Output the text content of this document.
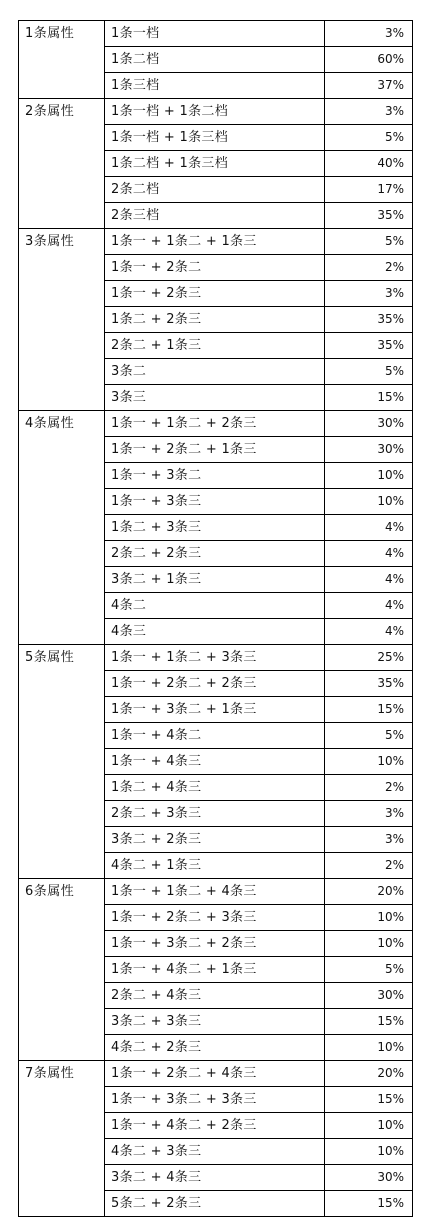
1条属性	1条一档	3%
	1条二档	60%
	1条三档	37%
2条属性	1条一档 + 1条二档	3%
	1条一档 + 1条三档	5%
	1条二档 + 1条三档	40%
	2条二档	17%
	2条三档	35%
3条属性	1条一 + 1条二 + 1条三	5%
	1条一 + 2条二	2%
	1条一 + 2条三	3%
	1条二 + 2条三	35%
	2条二 + 1条三	35%
	3条二	5%
	3条三	15%
4条属性	1条一 + 1条二 + 2条三	30%
	1条一 + 2条二 + 1条三	30%
	1条一 + 3条二	10%
	1条一 + 3条三	10%
	1条二 + 3条三	4%
	2条二 + 2条三	4%
	3条二 + 1条三	4%
	4条二	4%
	4条三	4%
5条属性	1条一 + 1条二 + 3条三	25%
	1条一 + 2条二 + 2条三	35%
	1条一 + 3条二 + 1条三	15%
	1条一 + 4条二	5%
	1条一 + 4条三	10%
	1条二 + 4条三	2%
	2条二 + 3条三	3%
	3条二 + 2条三	3%
	4条二 + 1条三	2%
6条属性	1条一 + 1条二 + 4条三	20%
	1条一 + 2条二 + 3条三	10%
	1条一 + 3条二 + 2条三	10%
	1条一 + 4条二 + 1条三	5%
	2条二 + 4条三	30%
	3条二 + 3条三	15%
	4条二 + 2条三	10%
7条属性	1条一 + 2条二 + 4条三	20%
	1条一 + 3条二 + 3条三	15%
	1条一 + 4条二 + 2条三	10%
	4条二 + 3条三	10%
	3条二 + 4条三	30%
	5条二 + 2条三	15%
